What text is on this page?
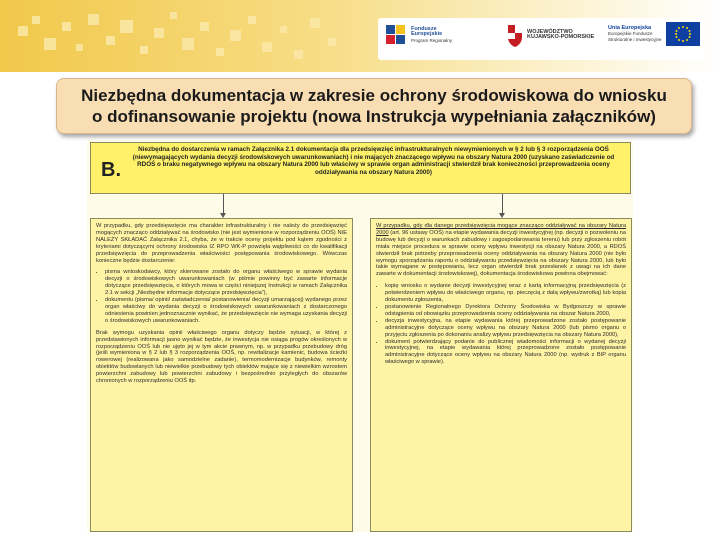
Fundusze
Europejskie
Program Regionalny
WOJEWÓDZTWO
KUJAWSKO-POMORSKIE
Unia Europejska
Europejskie Fundusze
Strukturalne i Inwestycyjne
Niezbędna dokumentacja w zakresie ochrony środowiskowa do wniosku
o dofinansowanie projektu (nowa Instrukcja wypełniania załączników)
B.
Niezbędna do dostarczenia w ramach Załącznika 2.1 dokumentacja dla przedsięwzięć infrastrukturalnych niewymienionych w § 2 lub § 3 rozporządzenia OOŚ (niewymagających wydania decyzji środowiskowych uwarunkowaniach) i nie mających znaczącego wpływu na obszary Natura 2000 (uzyskano zaświadczenie od RDOŚ o braku negatywnego wpływu na obszary Natura 2000 lub właściwy w sprawie organ administracji stwierdził brak konieczności przeprowadzenia oceny oddziaływania na obszary Natura 2000)

W przypadku, gdy przedsięwzięcie ma charakter infrastrukturalny i nie należy do przedsięwzięć mogących znacząco oddziaływać na środowisko (nie jest wymienione w rozporządzeniu OOŚ) NIE NALEŻY SKŁADAĆ Załącznika 2.1, chyba, że w trakcie oceny projektu pod kątem zgodności z kryteriami dotyczącymi ochrony środowiska IZ RPO WK-P powzięła wątpliwości co do kwalifikacji przedsięwzięcia do przeprowadzenia właściwości postępowania środowiskowego. Wówczas konieczne będzie dostarczenie:

• pisma wnioskodawcy, który skierowane zostało do organu właściwego w sprawie wydania decyzji o środowiskowych uwarunkowaniach (w piśmie powinny być zawarte informacje dotyczące przedsięwzięcia, o których mowa w części niniejszej Instrukcji w ramach Załącznika 2.1 w sekcji „Niezbędne informacje dotyczące przedsięwzięcia”),
• dokumentu (pisma/ opinii/ zaświadczenia/ postanowienia/ decyzji umarzającej) wydanego przez organ właściwy do wydania decyzji o środowiskowych uwarunkowaniach z dostarczonego odniesienia powinien jednoznacznie wynikać, że przedsięwzięcie nie wymaga uzyskania decyzji o środowiskowych uwarunkowaniach.

Brak wymogu uzyskania opinii właściwego organu dotyczy będzie sytuacji, w której z przedstawionych informacji jasno wynikać będzie, że inwestycja nie osiąga progów określonych w rozporządzeniu OOŚ lub nie ujęto jej w tym akcie prawnym, np. w przypadku przebudowy dróg (jeśli wymieniona w § 2 lub § 3 rozporządzenia OOŚ, np. rewitalizacje kamienic, budowa ścieżki rowerowej (realizowana jako samodzielne zadanie), termomodernizacje budynków, remonty obiektów budowlanych lub niewielkie przebudowy tych obiektów mające się z niewielkim wzrostem powierzchni zabudowy lub powierzchni zabudowy i bezpośrednio przyległych do obszarów chronionych w rozporządzeniu OOŚ itp.

W przypadku, gdy dla danego przedsięwzięcia mogące znacząco oddziaływać na obszary Natura 2000 (art. 96 ustawy OOŚ) na etapie wydawania decyzji inwestycyjnej (np. decyzji o pozwoleniu na budowę lub decyzji o warunkach zabudowy i zagospodarowania terenu) lub przy zgłoszeniu robót miała miejsce procedura w sprawie oceny wpływu inwestycji na obszary Natura 2000, a RDOŚ stwierdził brak potrzeby przeprowadzenia oceny oddziaływania na obszary Natura 2000 (nie było wymogu sporządzania raportu o oddziaływaniu przedsięwzięcia na obszary Natura 2000, lub było takie wymagane w postępowaniu, lecz organ stwierdził brak przesłanek z uwagi na ich dane zawarte w dokumentacji środowiskowej), dokumentacja środowiskowa powinna obejmować:

• kopię wniosku o wydanie decyzji inwestycyjnej wraz z kartą informacyjną przedsięwzięcia (z potwierdzeniem wpływu do właściwego organu, np. pieczęcią z datą wpływu/zwrotką) lub kopia dokumentu zgłoszenia,
• postanowienie Regionalnego Dyrektora Ochrony Środowiska w Bydgoszczy w sprawie odstąpienia od obowiązku przeprowadzenia oceny oddziaływania na obszar Natura 2000,
• decyzja inwestycyjna, na etapie wydawania której przeprowadzone zostało postępowanie administracyjne dotyczące oceny wpływu na obszary Natura 2000 (lub pismo organu o przyjęciu zgłoszenia po dokonaniu analizy wpływu przedsięwzięcia na obszary Natura 2000),
• dokument potwierdzający podanie do publicznej wiadomości informacji o wydanej decyzji inwestycyjnej, na etapie wydawania której przeprowadzone zostało postępowanie administracyjne dotyczące oceny wpływu na obszary Natura 2000 (np. wydruk z BIP organu właściwego w sprawie).
